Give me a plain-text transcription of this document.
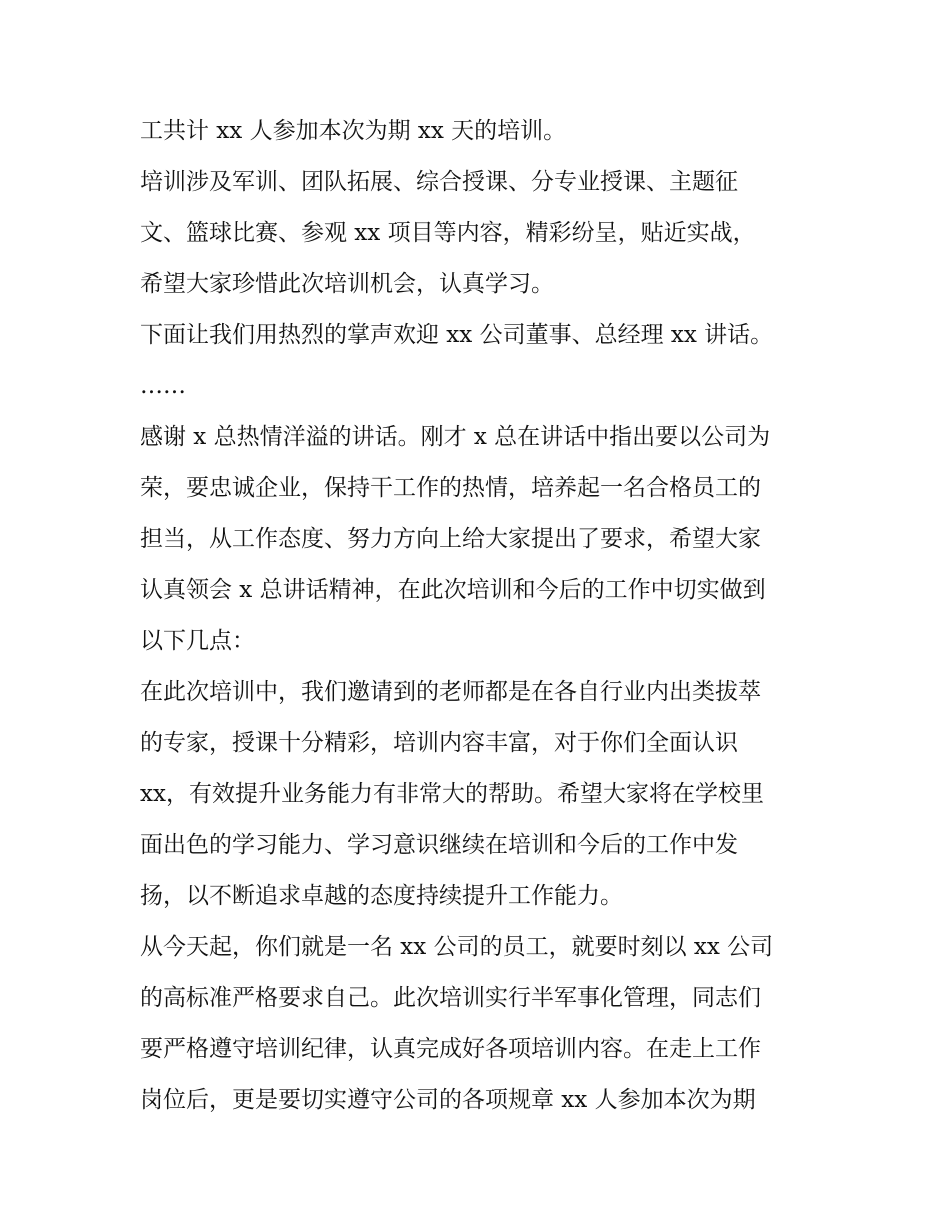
工共计 xx 人参加本次为期 xx 天的培训。
培训涉及军训、团队拓展、综合授课、分专业授课、主题征
文、篮球比赛、参观 xx 项目等内容，精彩纷呈，贴近实战，
希望大家珍惜此次培训机会，认真学习。
下面让我们用热烈的掌声欢迎 xx 公司董事、总经理 xx 讲话。
……
感谢 x 总热情洋溢的讲话。刚才 x 总在讲话中指出要以公司为
荣，要忠诚企业，保持干工作的热情，培养起一名合格员工的
担当，从工作态度、努力方向上给大家提出了要求，希望大家
认真领会 x 总讲话精神，在此次培训和今后的工作中切实做到
以下几点：
在此次培训中，我们邀请到的老师都是在各自行业内出类拔萃
的专家，授课十分精彩，培训内容丰富，对于你们全面认识
xx，有效提升业务能力有非常大的帮助。希望大家将在学校里
面出色的学习能力、学习意识继续在培训和今后的工作中发
扬，以不断追求卓越的态度持续提升工作能力。
从今天起，你们就是一名 xx 公司的员工，就要时刻以 xx 公司
的高标准严格要求自己。此次培训实行半军事化管理，同志们
要严格遵守培训纪律，认真完成好各项培训内容。在走上工作
岗位后，更是要切实遵守公司的各项规章 xx 人参加本次为期
